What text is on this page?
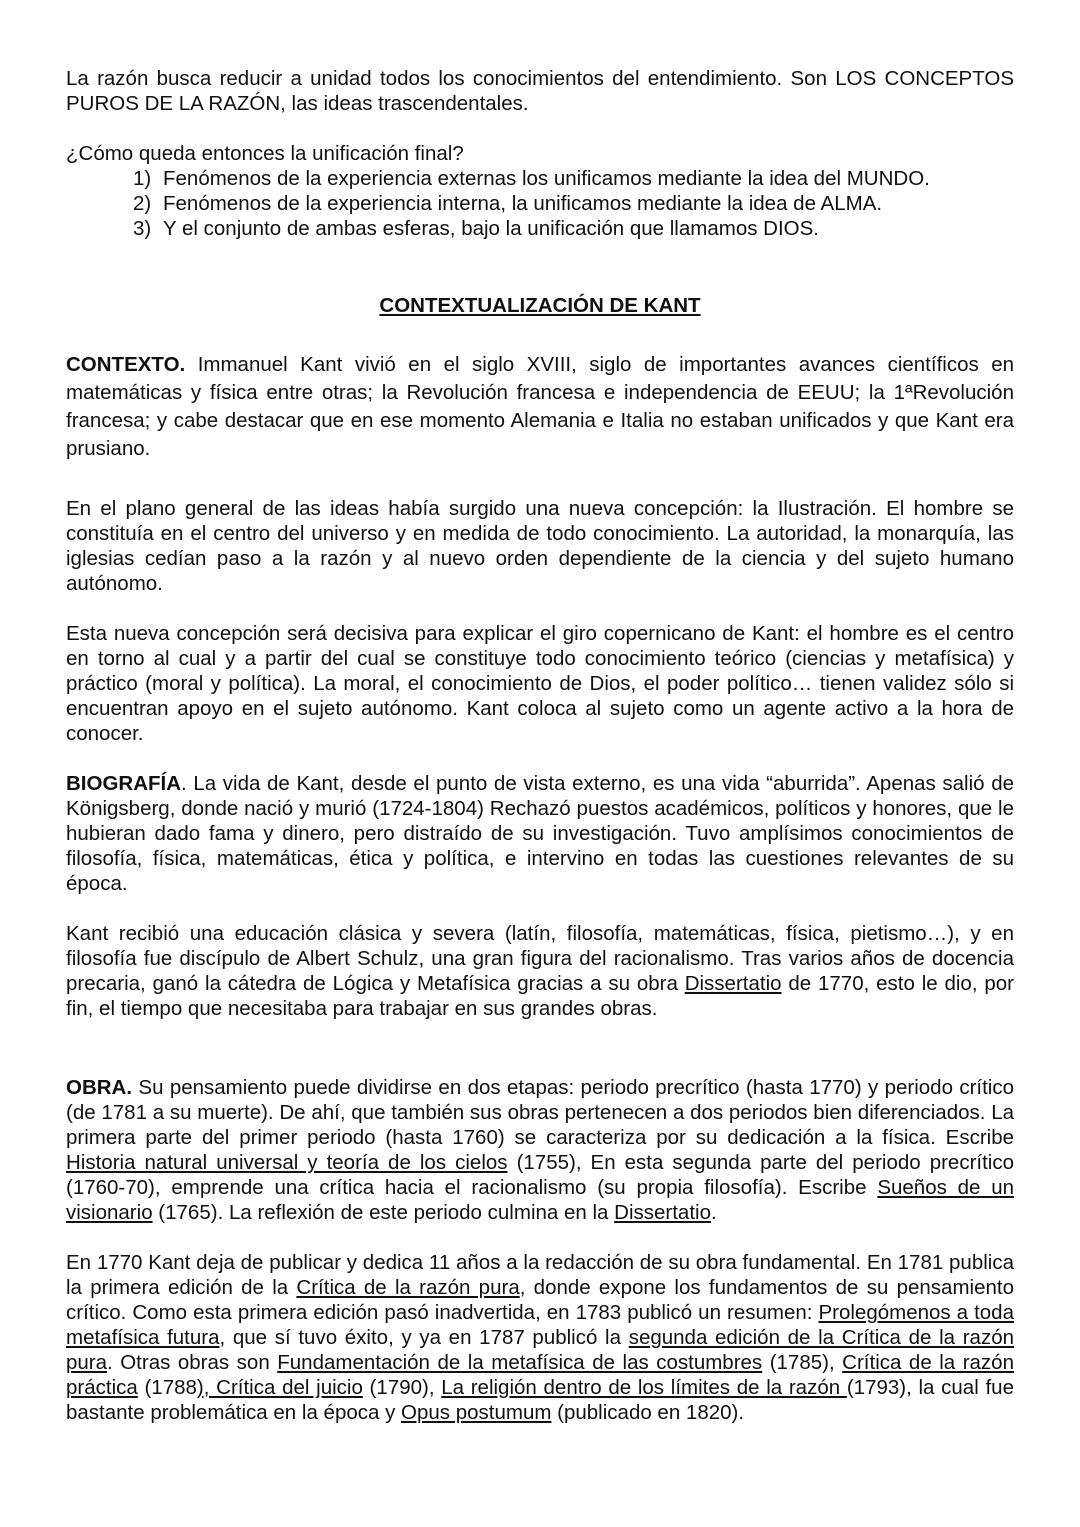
La razón busca reducir a unidad todos los conocimientos del entendimiento. Son LOS CONCEPTOS PUROS DE LA RAZÓN, las ideas trascendentales.

¿Cómo queda entonces la unificación final?

1) Fenómenos de la experiencia externas los unificamos mediante la idea del MUNDO.
2) Fenómenos de la experiencia interna, la unificamos mediante la idea de ALMA.
3) Y el conjunto de ambas esferas, bajo la unificación que llamamos DIOS.
CONTEXTUALIZACIÓN DE KANT

CONTEXTO. Immanuel Kant vivió en el siglo XVIII, siglo de importantes avances científicos en matemáticas y física entre otras; la Revolución francesa e independencia de EEUU; la 1ªRevolución francesa; y cabe destacar que en ese momento Alemania e Italia no estaban unificados y que Kant era prusiano.

En el plano general de las ideas había surgido una nueva concepción: la Ilustración. El hombre se constituía en el centro del universo y en medida de todo conocimiento. La autoridad, la monarquía, las iglesias cedían paso a la razón y al nuevo orden dependiente de la ciencia y del sujeto humano autónomo.

Esta nueva concepción será decisiva para explicar el giro copernicano de Kant: el hombre es el centro en torno al cual y a partir del cual se constituye todo conocimiento teórico (ciencias y metafísica) y práctico (moral y política). La moral, el conocimiento de Dios, el poder político… tienen validez sólo si encuentran apoyo en el sujeto autónomo. Kant coloca al sujeto como un agente activo a la hora de conocer.

BIOGRAFÍA. La vida de Kant, desde el punto de vista externo, es una vida “aburrida”. Apenas salió de Königsberg, donde nació y murió (1724-1804) Rechazó puestos académicos, políticos y honores, que le hubieran dado fama y dinero, pero distraído de su investigación. Tuvo amplísimos conocimientos de filosofía, física, matemáticas, ética y política, e intervino en todas las cuestiones relevantes de su época.

Kant recibió una educación clásica y severa (latín, filosofía, matemáticas, física, pietismo…), y en filosofía fue discípulo de Albert Schulz, una gran figura del racionalismo. Tras varios años de docencia precaria, ganó la cátedra de Lógica y Metafísica gracias a su obra Dissertatio de 1770, esto le dio, por fin, el tiempo que necesitaba para trabajar en sus grandes obras.

OBRA. Su pensamiento puede dividirse en dos etapas: periodo precrítico (hasta 1770) y periodo crítico (de 1781 a su muerte). De ahí, que también sus obras pertenecen a dos periodos bien diferenciados. La primera parte del primer periodo (hasta 1760) se caracteriza por su dedicación a la física. Escribe Historia natural universal y teoría de los cielos (1755), En esta segunda parte del periodo precrítico (1760-70), emprende una crítica hacia el racionalismo (su propia filosofía). Escribe Sueños de un visionario (1765). La reflexión de este periodo culmina en la Dissertatio.

En 1770 Kant deja de publicar y dedica 11 años a la redacción de su obra fundamental. En 1781 publica la primera edición de la Crítica de la razón pura, donde expone los fundamentos de su pensamiento crítico. Como esta primera edición pasó inadvertida, en 1783 publicó un resumen: Prolegómenos a toda metafísica futura, que sí tuvo éxito, y ya en 1787 publicó la segunda edición de la Crítica de la razón pura. Otras obras son Fundamentación de la metafísica de las costumbres (1785), Crítica de la razón práctica (1788), Crítica del juicio (1790), La religión dentro de los límites de la razón (1793), la cual fue bastante problemática en la época y Opus postumum (publicado en 1820).
